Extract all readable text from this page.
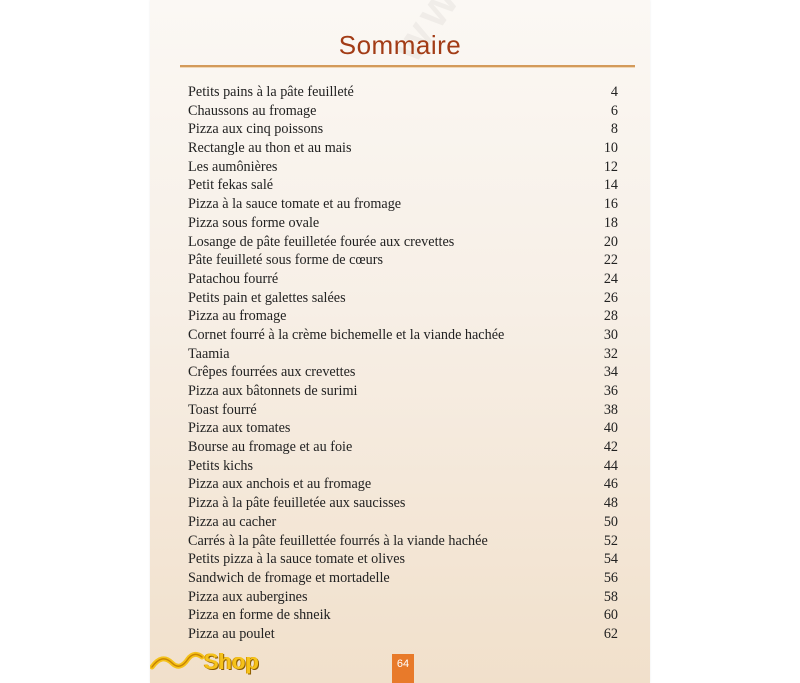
Sommaire
Petits pains à la pâte feuilleté	4
Chaussons au fromage	6
Pizza aux cinq poissons	8
Rectangle au thon et au mais	10
Les aumônières	12
Petit fekas salé	14
Pizza à la sauce tomate et au fromage	16
Pizza sous forme ovale	18
Losange de pâte feuilletée fourée aux crevettes	20
Pâte feuilleté sous forme de cœurs	22
Patachou fourré	24
Petits pain et galettes salées	26
Pizza au fromage	28
Cornet fourré à la crème bichemelle et la viande hachée	30
Taamia	32
Crêpes fourrées aux crevettes	34
Pizza aux bâtonnets de surimi	36
Toast fourré	38
Pizza aux tomates	40
Bourse au fromage et au foie	42
Petits kichs	44
Pizza aux anchois et au fromage	46
Pizza à la pâte feuilletée aux saucisses	48
Pizza au cacher	50
Carrés à la pâte feuillettée fourrés à la viande hachée	52
Petits pizza à la sauce tomate et olives	54
Sandwich de fromage et mortadelle	56
Pizza aux aubergines	58
Pizza en forme de shneik	60
Pizza au poulet	62
Shop	64
